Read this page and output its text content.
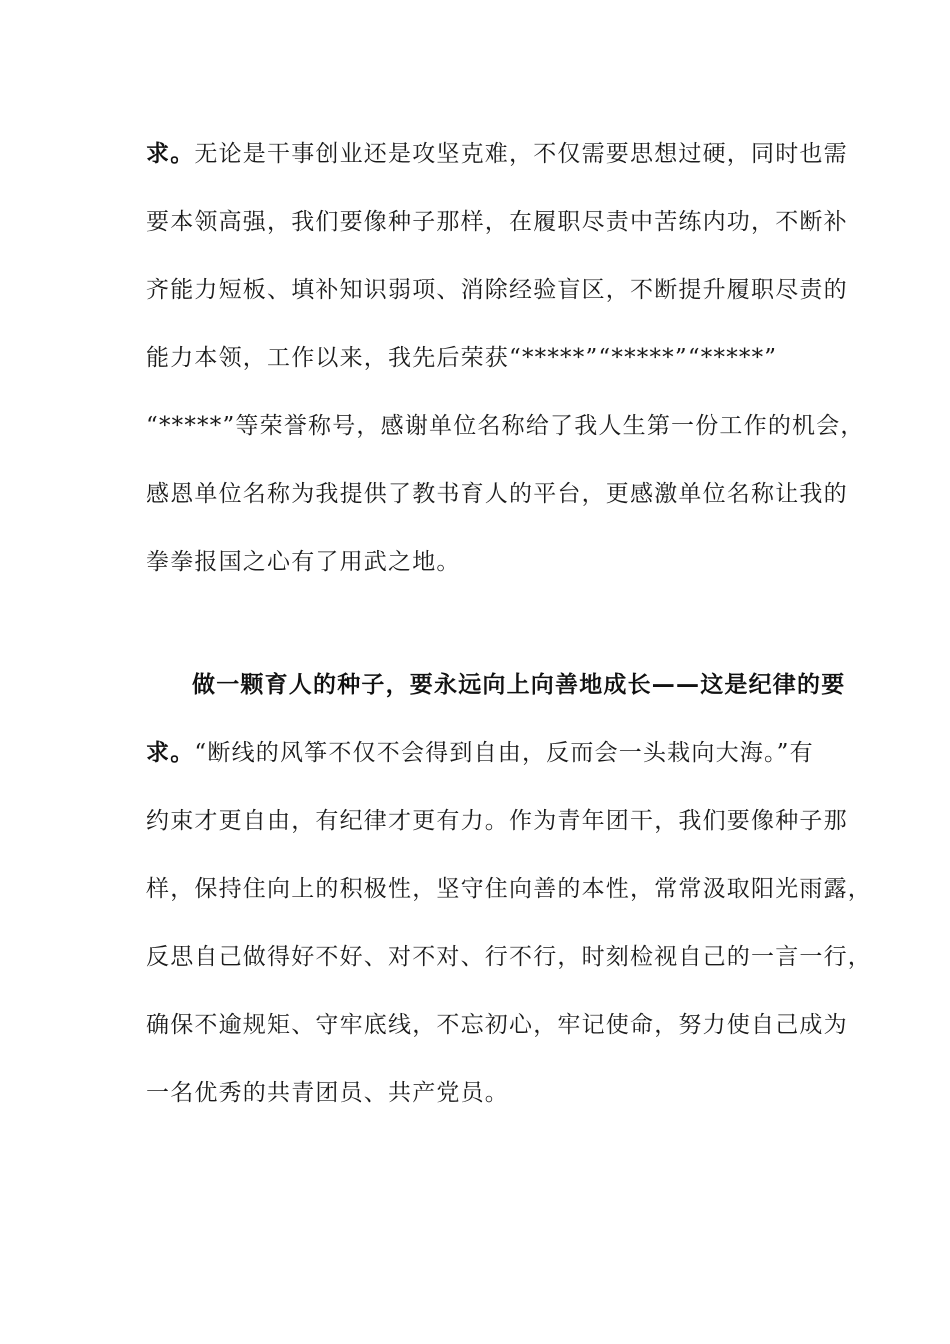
求。无论是干事创业还是攻坚克难，不仅需要思想过硬，同时也需
要本领高强，我们要像种子那样，在履职尽责中苦练内功，不断补
齐能力短板、填补知识弱项、消除经验盲区，不断提升履职尽责的
能力本领，工作以来，我先后荣获“*****”“*****”“*****”
“*****”等荣誉称号，感谢单位名称给了我人生第一份工作的机会，
感恩单位名称为我提供了教书育人的平台，更感激单位名称让我的
拳拳报国之心有了用武之地。
做一颗育人的种子，要永远向上向善地成长——这是纪律的要
求。“断线的风筝不仅不会得到自由，反而会一头栽向大海。”有
约束才更自由，有纪律才更有力。作为青年团干，我们要像种子那
样，保持住向上的积极性，坚守住向善的本性，常常汲取阳光雨露，
反思自己做得好不好、对不对、行不行，时刻检视自己的一言一行，
确保不逾规矩、守牢底线，不忘初心，牢记使命，努力使自己成为
一名优秀的共青团员、共产党员。
